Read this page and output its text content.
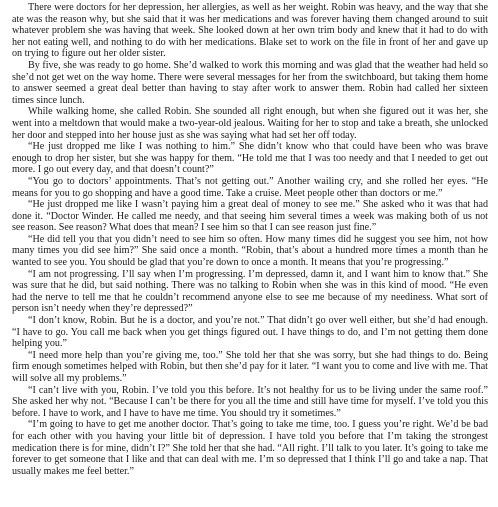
There were doctors for her depression, her allergies, as well as her weight. Robin was heavy, and the way that she ate was the reason why, but she said that it was her medications and was forever having them changed around to suit whatever problem she was having that week. She looked down at her own trim body and knew that it had to do with her not eating well, and nothing to do with her medications. Blake set to work on the file in front of her and gave up on trying to figure out her older sister.

By five, she was ready to go home. She’d walked to work this morning and was glad that the weather had held so she’d not get wet on the way home. There were several messages for her from the switchboard, but taking them home to answer seemed a great deal better than having to stay after work to answer them. Robin had called her sixteen times since lunch.

While walking home, she called Robin. She sounded all right enough, but when she figured out it was her, she went into a meltdown that would make a two-year-old jealous. Waiting for her to stop and take a breath, she unlocked her door and stepped into her house just as she was saying what had set her off today.

“He just dropped me like I was nothing to him.” She didn’t know who that could have been who was brave enough to drop her sister, but she was happy for them. “He told me that I was too needy and that I needed to get out more. I go out every day, and that doesn’t count?”

“You go to doctors’ appointments. That’s not getting out.” Another wailing cry, and she rolled her eyes. “He means for you to go shopping and have a good time. Take a cruise. Meet people other than doctors or me.”

“He just dropped me like I wasn’t paying him a great deal of money to see me.” She asked who it was that had done it. “Doctor Winder. He called me needy, and that seeing him several times a week was making both of us not see reason. See reason? What does that mean? I see him so that I can see reason just fine.”

“He did tell you that you didn’t need to see him so often. How many times did he suggest you see him, not how many times you did see him?” She said once a month. “Robin, that’s about a hundred more times a month than he wanted to see you. You should be glad that you’re down to once a month. It means that you’re progressing.”

“I am not progressing. I’ll say when I’m progressing. I’m depressed, damn it, and I want him to know that.” She was sure that he did, but said nothing. There was no talking to Robin when she was in this kind of mood. “He even had the nerve to tell me that he couldn’t recommend anyone else to see me because of my neediness. What sort of person isn’t needy when they’re depressed?”

“I don’t know, Robin. But he is a doctor, and you’re not.” That didn’t go over well either, but she’d had enough. “I have to go. You call me back when you get things figured out. I have things to do, and I’m not getting them done helping you.”

“I need more help than you’re giving me, too.” She told her that she was sorry, but she had things to do. Being firm enough sometimes helped with Robin, but then she’d pay for it later. “I want you to come and live with me. That will solve all my problems.”

“I can’t live with you, Robin. I’ve told you this before. It’s not healthy for us to be living under the same roof.” She asked her why not. “Because I can’t be there for you all the time and still have time for myself. I’ve told you this before. I have to work, and I have to have me time. You should try it sometimes.”

“I’m going to have to get me another doctor. That’s going to take me time, too. I guess you’re right. We’d be bad for each other with you having your little bit of depression. I have told you before that I’m taking the strongest medication there is for mine, didn’t I?” She told her that she had. “All right. I’ll talk to you later. It’s going to take me forever to get someone that I like and that can deal with me. I’m so depressed that I think I’ll go and take a nap. That usually makes me feel better.”
